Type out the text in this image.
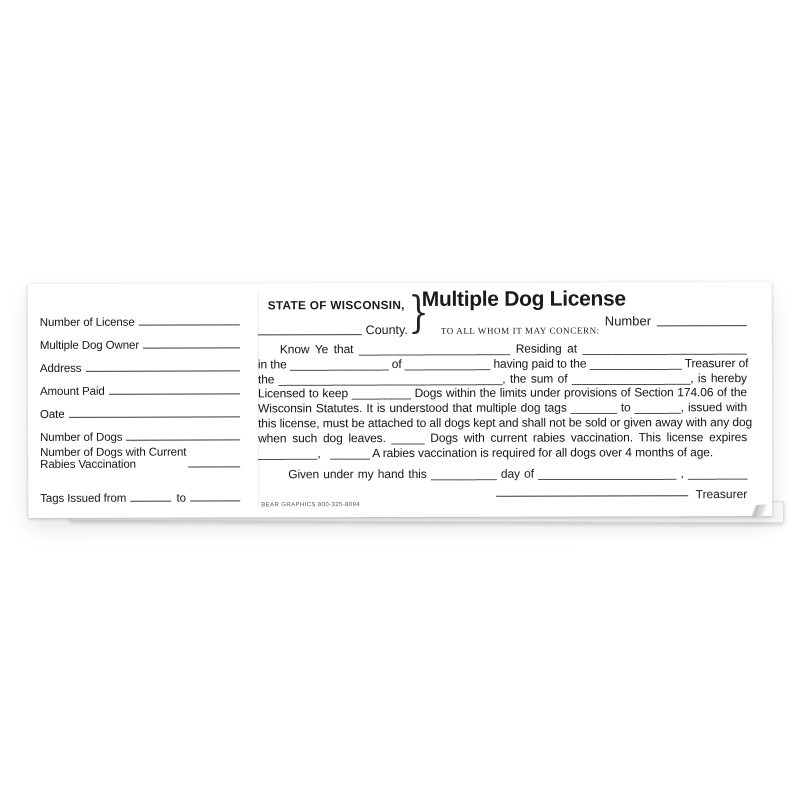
Number of License
Multiple Dog Owner
Address
Amount Paid
Oate
Number of Dogs
Number of Dogs with Current
Rabies Vaccination
Tags Issued from	to
STATE OF WISCONSIN,
County. }
Multiple Dog License
TO ALL WHOM IT MAY CONCERN:
Number
Know Ye that _______________________ Residing at _________________________
in the _______________ of _____________ having paid to the ______________ Treasurer of
the __________________________________, the sum of __________________, is hereby
Licensed to keep _________ Dogs within the limits under provisions of Section 174.06 of the
Wisconsin Statutes. It is understood that multiple dog tags _______ to _______, issued with
this license, must be attached to all dogs kept and shall not be sold or given away with any dog
when such dog leaves. _____ Dogs with current rabies vaccination. This license expires
_________,   ______ A rabies vaccination is required for all dogs over 4 months of age.
Given under my hand this __________ day of _____________________ , _________
Treasurer
BEAR GRAPHICS 800-325-8094
